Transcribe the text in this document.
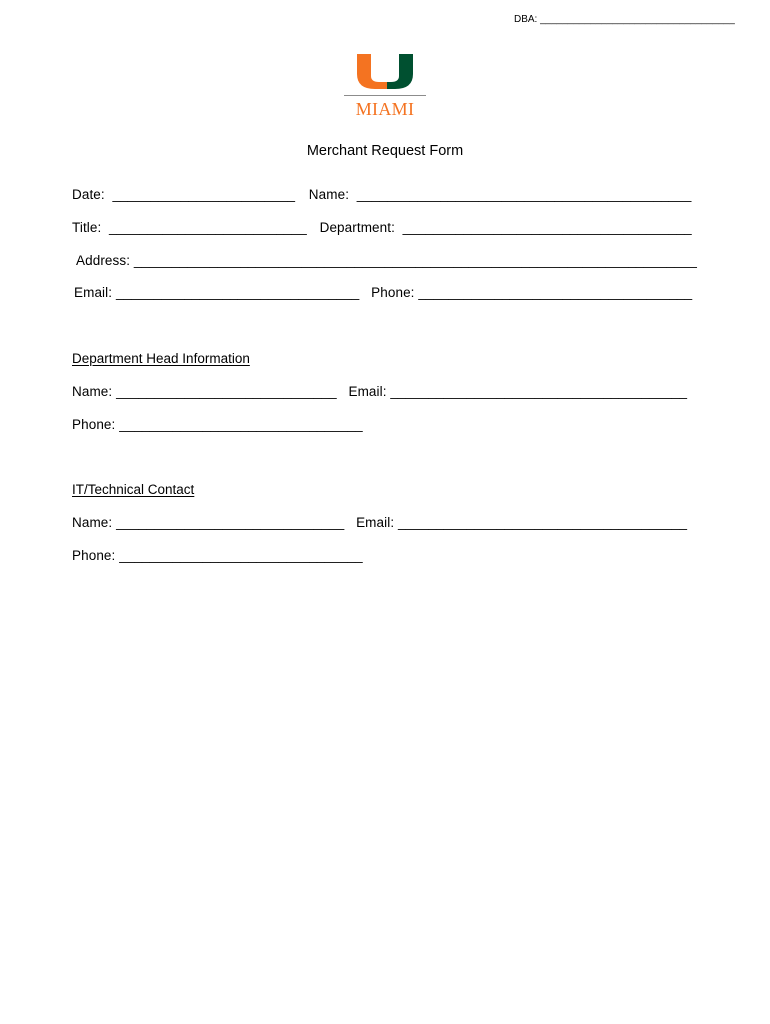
DBA: ___________________________________
MIAMI
Merchant Request Form
Date:  ________________________ Name:  ____________________________________________
Title:  __________________________ Department:  ______________________________________
Address: __________________________________________________________________________
Email: ________________________________ Phone: ____________________________________
Department Head Information
Name: _____________________________ Email: _______________________________________
Phone: ________________________________
IT/Technical Contact
Name: ______________________________ Email: ______________________________________
Phone: ________________________________
